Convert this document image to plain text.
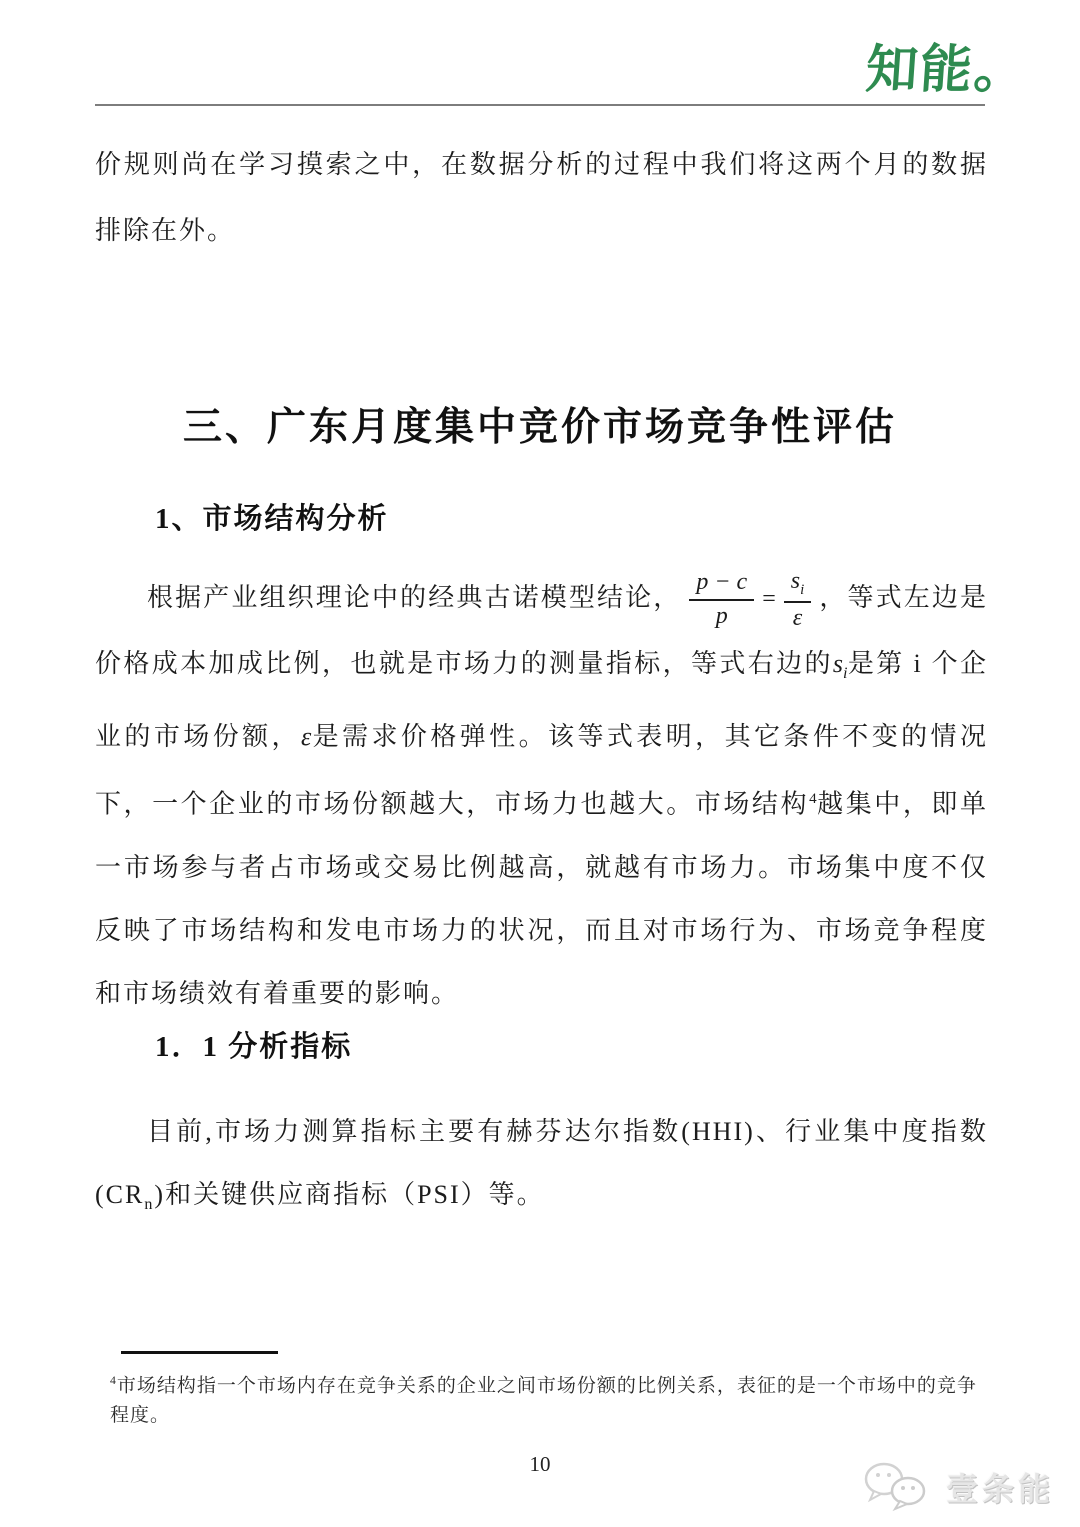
知能。

价规则尚在学习摸索之中，在数据分析的过程中我们将这两个月的数据排除在外。

三、广东月度集中竞价市场竞争性评估
1、市场结构分析

根据产业组织理论中的经典古诺模型结论， $\frac{p - c}{p} = \frac{s_i}{\varepsilon}$ ，等式左边是价格成本加成比例，也就是市场力的测量指标，等式右边的$s_i$是第 i 个企业的市场份额，ε是需求价格弹性。该等式表明，其它条件不变的情况下，一个企业的市场份额越大，市场力也越大。市场结构$^4$越集中，即单一市场参与者占市场或交易比例越高，就越有市场力。市场集中度不仅反映了市场结构和发电市场力的状况，而且对市场行为、市场竞争程度和市场绩效有着重要的影响。

1．1 分析指标

目前,市场力测算指标主要有赫芬达尔指数(HHI)、行业集中度指数$(CR_n)$和关键供应商指标（PSI）等。

$^4$市场结构指一个市场内存在竞争关系的企业之间市场份额的比例关系，表征的是一个市场中的竞争程度。

10
壹条能
